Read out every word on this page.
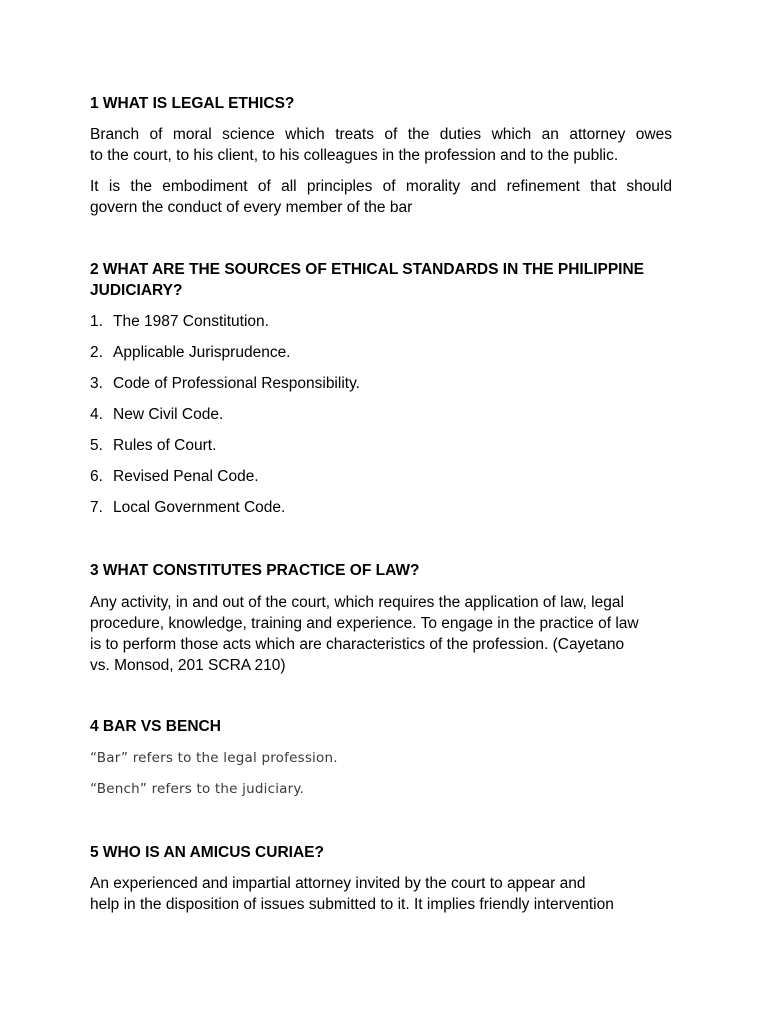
1 WHAT IS LEGAL ETHICS?

Branch of moral science which treats of the duties which an attorney owes

to the court, to his client, to his colleagues in the profession and to the public.

It is the embodiment of all principles of morality and refinement that should

govern the conduct of every member of the bar

2 WHAT ARE THE SOURCES OF ETHICAL STANDARDS IN THE PHILIPPINE

JUDICIARY?

1. The 1987 Constitution.

2. Applicable Jurisprudence.

3. Code of Professional Responsibility.

4. New Civil Code.

5. Rules of Court.

6. Revised Penal Code.

7. Local Government Code.

3 WHAT CONSTITUTES PRACTICE OF LAW?

Any activity, in and out of the court, which requires the application of law, legal

procedure, knowledge, training and experience. To engage in the practice of law

is to perform those acts which are characteristics of the profession. (Cayetano

vs. Monsod, 201 SCRA 210)

4 BAR VS BENCH

“Bar” refers to the legal profession.

“Bench” refers to the judiciary.

5 WHO IS AN AMICUS CURIAE?

An experienced and impartial attorney invited by the court to appear and

help in the disposition of issues submitted to it. It implies friendly intervention
